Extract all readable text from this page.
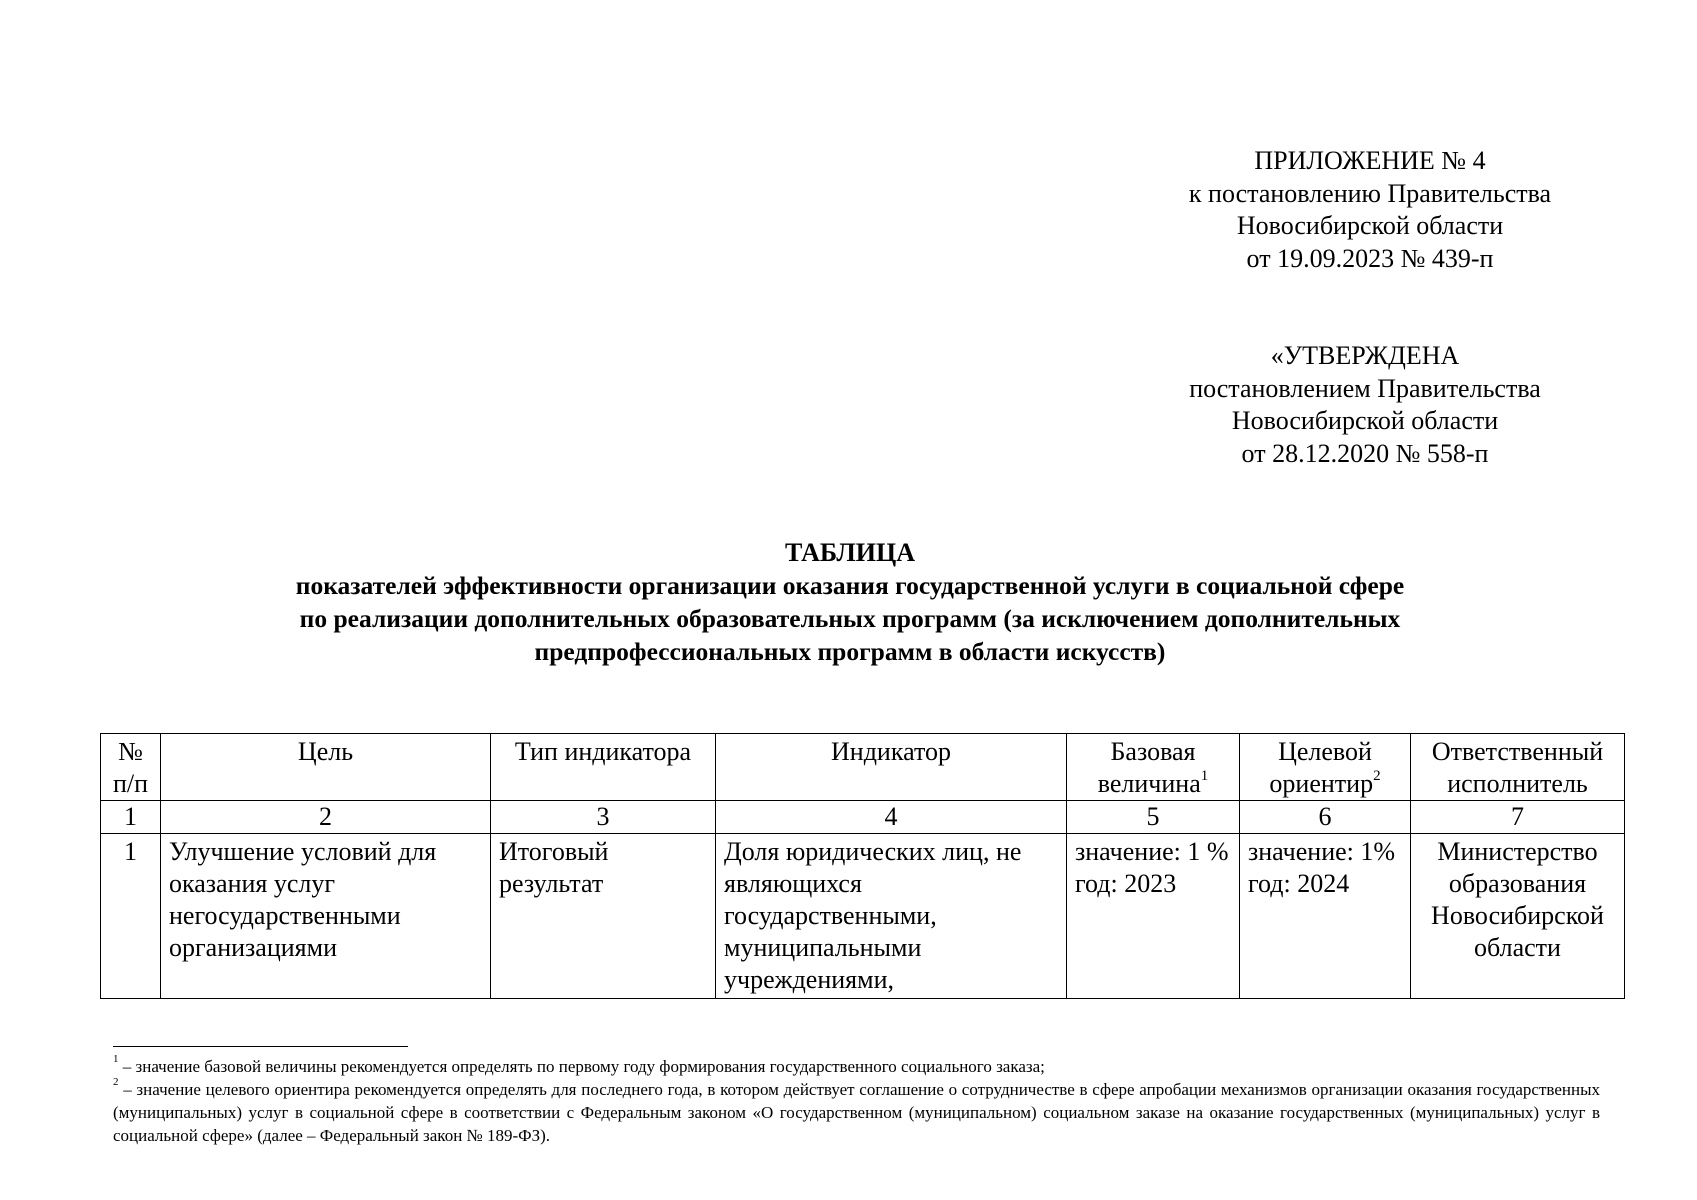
ПРИЛОЖЕНИЕ № 4
к постановлению Правительства
Новосибирской области
от 19.09.2023 № 439-п
«УТВЕРЖДЕНА
постановлением Правительства
Новосибирской области
от 28.12.2020 № 558-п
ТАБЛИЦА
показателей эффективности организации оказания государственной услуги в социальной сфере
по реализации дополнительных образовательных программ (за исключением дополнительных
предпрофессиональных программ в области искусств)
№ п/п	Цель	Тип индикатора	Индикатор	Базовая величина$^1$	Целевой ориентир$^2$	Ответственный исполнитель
1	2	3	4	5	6	7

1	Улучшение условий для оказания услуг негосударственными организациями	Итоговый результат	Доля юридических лиц, не являющихся государственными, муниципальными учреждениями,	значение: 1 % год: 2023	значение: 1% год: 2024	Министерство образования Новосибирской области

$^1$ – значение базовой величины рекомендуется определять по первому году формирования государственного социального заказа;

$^2$ – значение целевого ориентира рекомендуется определять для последнего года, в котором действует соглашение о сотрудничестве в сфере апробации механизмов организации оказания государственных (муниципальных) услуг в социальной сфере в соответствии с Федеральным законом «О государственном (муниципальном) социальном заказе на оказание государственных (муниципальных) услуг в социальной сфере» (далее – Федеральный закон № 189-ФЗ).
